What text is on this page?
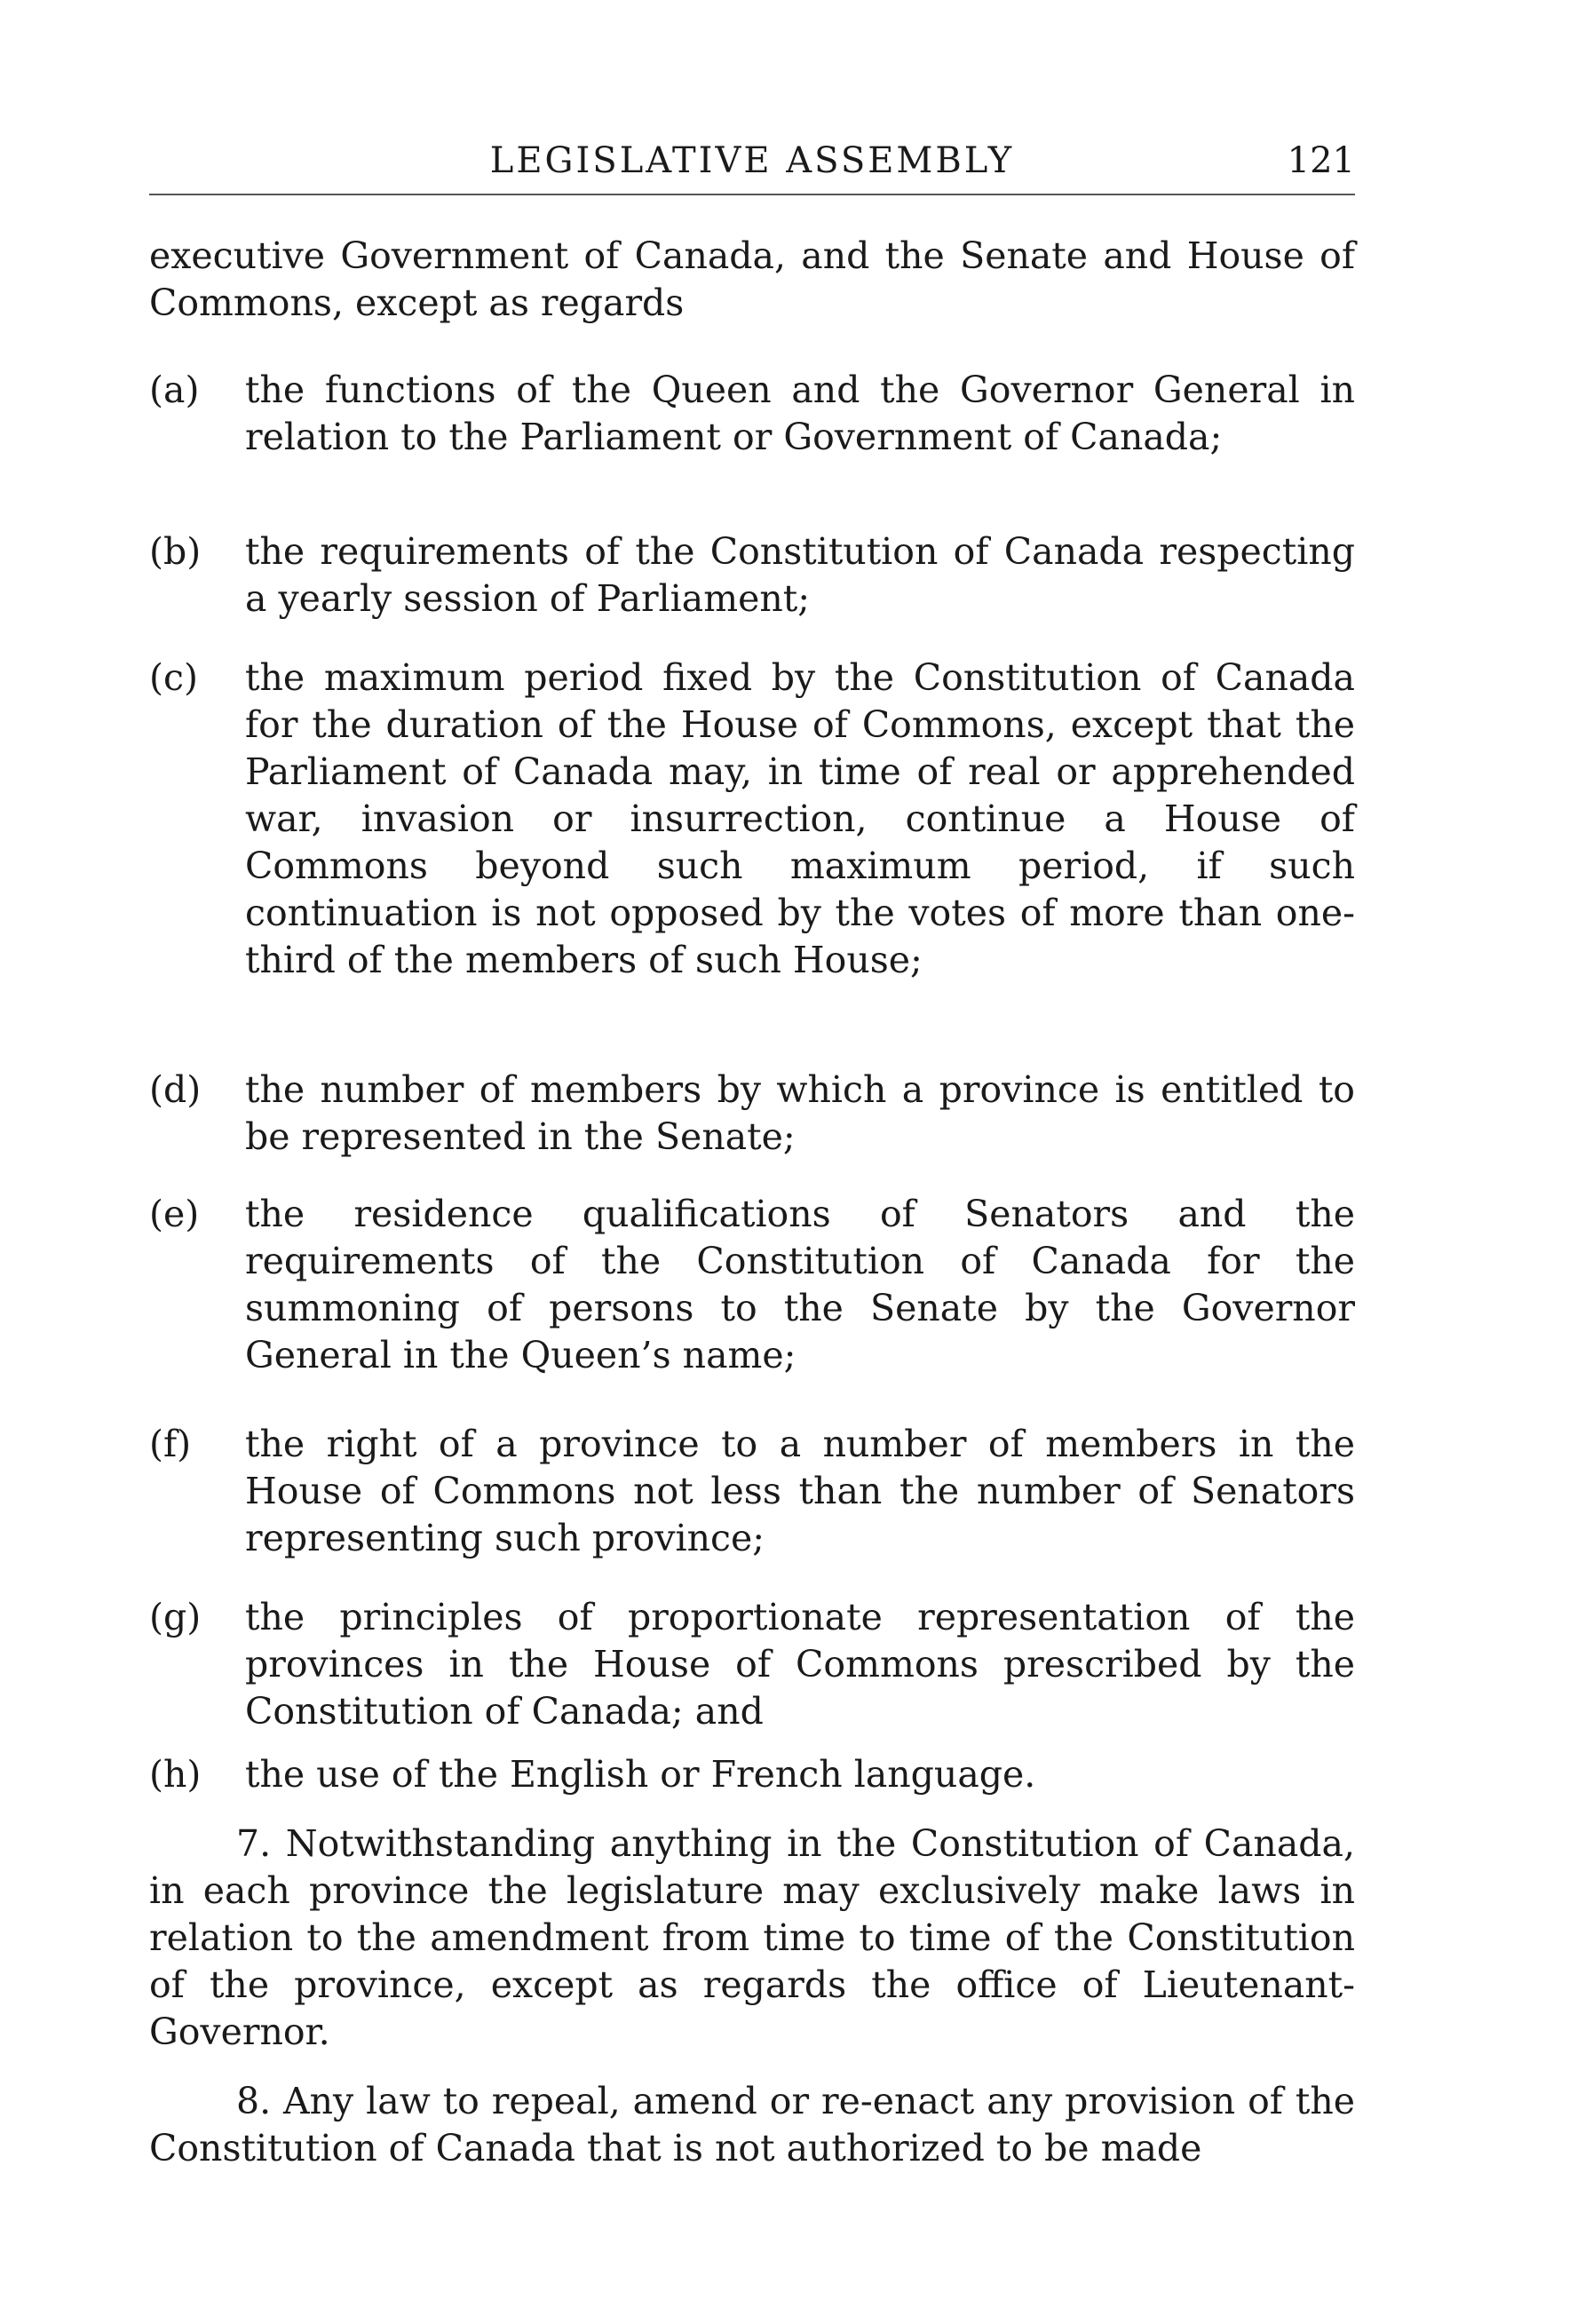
LEGISLATIVE ASSEMBLY	121
executive Government of Canada, and the Senate and House of Commons, except as regards
(a) the functions of the Queen and the Governor General in relation to the Parliament or Government of Canada;
(b) the requirements of the Constitution of Canada respecting a yearly session of Parliament;
(c) the maximum period fixed by the Constitution of Canada for the duration of the House of Commons, except that the Parliament of Canada may, in time of real or apprehended war, invasion or insurrection, continue a House of Commons beyond such maximum period, if such continuation is not opposed by the votes of more than one-third of the members of such House;
(d) the number of members by which a province is entitled to be represented in the Senate;
(e) the residence qualifications of Senators and the requirements of the Constitution of Canada for the summoning of persons to the Senate by the Governor General in the Queen’s name;
(f) the right of a province to a number of members in the House of Commons not less than the number of Senators representing such province;
(g) the principles of proportionate representation of the provinces in the House of Commons prescribed by the Constitution of Canada; and
(h) the use of the English or French language.
7. Notwithstanding anything in the Constitution of Canada, in each province the legislature may exclusively make laws in relation to the amendment from time to time of the Constitution of the province, except as regards the office of Lieutenant-Governor.
8. Any law to repeal, amend or re-enact any provision of the Constitution of Canada that is not authorized to be made
